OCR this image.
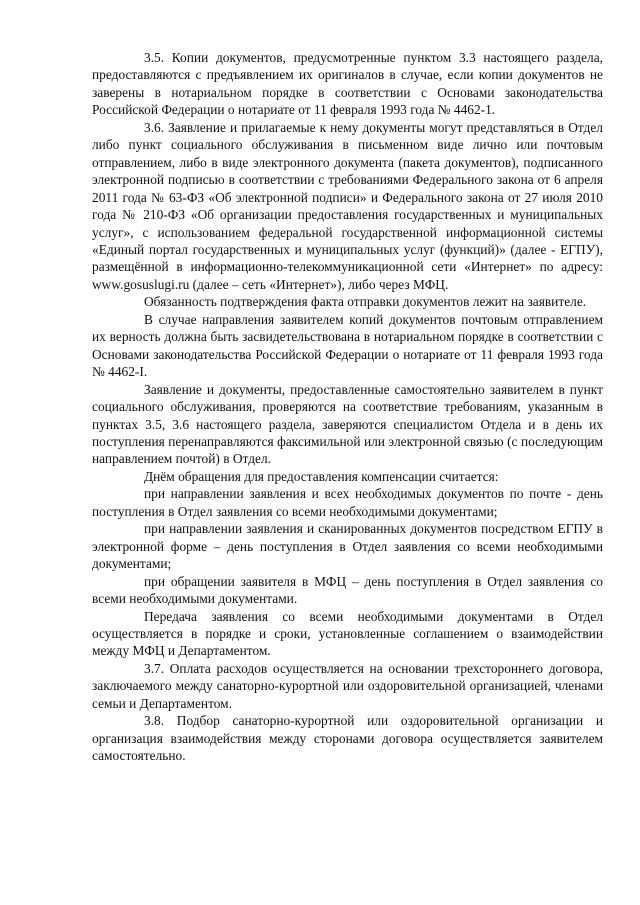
3.5. Копии документов, предусмотренные пунктом 3.3 настоящего раздела, предоставляются с предъявлением их оригиналов в случае, если копии документов не заверены в нотариальном порядке в соответствии с Основами законодательства Российской Федерации о нотариате от 11 февраля 1993 года № 4462-1.

3.6. Заявление и прилагаемые к нему документы могут представляться в Отдел либо пункт социального обслуживания в письменном виде лично или почтовым отправлением, либо в виде электронного документа (пакета документов), подписанного электронной подписью в соответствии с требованиями Федерального закона от 6 апреля 2011 года № 63-ФЗ «Об электронной подписи» и Федерального закона от 27 июля 2010 года № 210-ФЗ «Об организации предоставления государственных и муниципальных услуг», с использованием федеральной государственной информационной системы «Единый портал государственных и муниципальных услуг (функций)» (далее - ЕГПУ), размещённой в информационно-телекоммуникационной сети «Интернет» по адресу: www.gosuslugi.ru (далее – сеть «Интернет»), либо через МФЦ.

Обязанность подтверждения факта отправки документов лежит на заявителе.

В случае направления заявителем копий документов почтовым отправлением их верность должна быть засвидетельствована в нотариальном порядке в соответствии с Основами законодательства Российской Федерации о нотариате от 11 февраля 1993 года № 4462-I.

Заявление и документы, предоставленные самостоятельно заявителем в пункт социального обслуживания, проверяются на соответствие требованиям, указанным в пунктах 3.5, 3.6 настоящего раздела, заверяются специалистом Отдела и в день их поступления перенаправляются факсимильной или электронной связью (с последующим направлением почтой) в Отдел.

Днём обращения для предоставления компенсации считается:

при направлении заявления и всех необходимых документов по почте - день поступления в Отдел заявления со всеми необходимыми документами;

при направлении заявления и сканированных документов посредством ЕГПУ в электронной форме – день поступления в Отдел заявления со всеми необходимыми документами;

при обращении заявителя в МФЦ – день поступления в Отдел заявления со всеми необходимыми документами.

Передача заявления со всеми необходимыми документами в Отдел осуществляется в порядке и сроки, установленные соглашением о взаимодействии между МФЦ и Департаментом.

3.7. Оплата расходов осуществляется на основании трехстороннего договора, заключаемого между санаторно-курортной или оздоровительной организацией, членами семьи и Департаментом.

3.8. Подбор санаторно-курортной или оздоровительной организации и организация взаимодействия между сторонами договора осуществляется заявителем самостоятельно.
